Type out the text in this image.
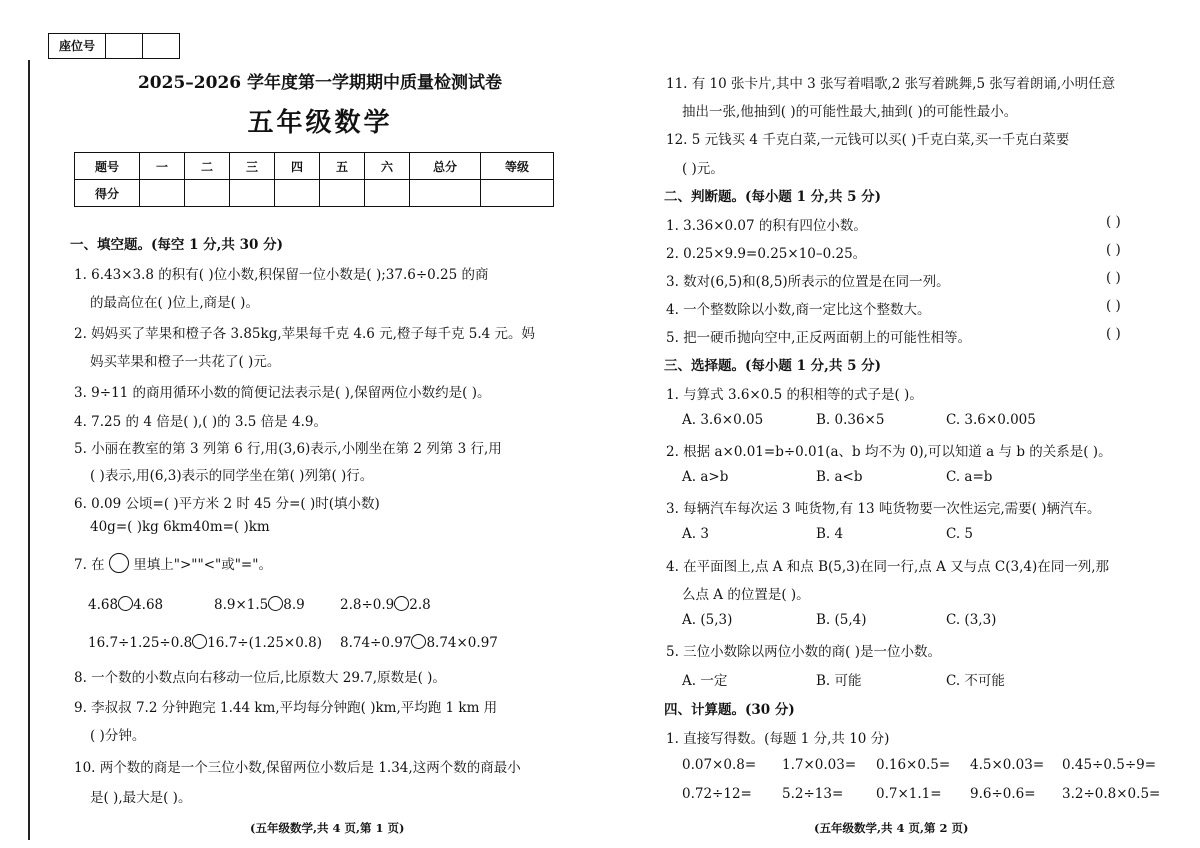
座位号
2025–2026 学年度第一学期期中质量检测试卷
五年级数学
题号	一	二	三	四	五	六	总分	等级
得分								
一、填空题。(每空 1 分,共 30 分)
1. 6.43×3.8 的积有( )位小数,积保留一位小数是( );37.6÷0.25 的商
的最高位在( )位上,商是( )。
2. 妈妈买了苹果和橙子各 3.85kg,苹果每千克 4.6 元,橙子每千克 5.4 元。妈
妈买苹果和橙子一共花了( )元。
3. 9÷11 的商用循环小数的简便记法表示是( ),保留两位小数约是( )。
4. 7.25 的 4 倍是( ),( )的 3.5 倍是 4.9。
5. 小丽在教室的第 3 列第 6 行,用(3,6)表示,小刚坐在第 2 列第 3 行,用
( )表示,用(6,3)表示的同学坐在第( )列第( )行。
6. 0.09 公顷=( )平方米 2 时 45 分=( )时(填小数)
40g=( )kg 6km40m=( )km
7. 在 里填上">""<"或"="。
4.6̇8̇ 4.68̇	8.9×1.5 8.9	2.8÷0.9 2.8
16.7÷1.25÷0.8 16.7÷(1.25×0.8) 8.74÷0.97 8.74×0.97
8. 一个数的小数点向右移动一位后,比原数大 29.7,原数是( )。
9. 李叔叔 7.2 分钟跑完 1.44 km,平均每分钟跑( )km,平均跑 1 km 用
( )分钟。
10. 两个数的商是一个三位小数,保留两位小数后是 1.34,这两个数的商最小
是( ),最大是( )。
(五年级数学,共 4 页,第 1 页)
11. 有 10 张卡片,其中 3 张写着唱歌,2 张写着跳舞,5 张写着朗诵,小明任意
抽出一张,他抽到( )的可能性最大,抽到( )的可能性最小。
12. 5 元钱买 4 千克白菜,一元钱可以买( )千克白菜,买一千克白菜要
( )元。
二、判断题。(每小题 1 分,共 5 分)
1. 3.36×0.07 的积有四位小数。	( )
2. 0.25×9.9=0.25×10–0.25。	( )
3. 数对(6,5)和(8,5)所表示的位置是在同一列。	( )
4. 一个整数除以小数,商一定比这个整数大。	( )
5. 把一硬币抛向空中,正反两面朝上的可能性相等。	( )
三、选择题。(每小题 1 分,共 5 分)
1. 与算式 3.6×0.5 的积相等的式子是( )。
A. 3.6×0.05	B. 0.36×5	C. 3.6×0.005
2. 根据 a×0.01=b÷0.01(a、b 均不为 0),可以知道 a 与 b 的关系是( )。
A. a>b	B. a<b	C. a=b
3. 每辆汽车每次运 3 吨货物,有 13 吨货物要一次性运完,需要( )辆汽车。
A. 3	B. 4	C. 5
4. 在平面图上,点 A 和点 B(5,3)在同一行,点 A 又与点 C(3,4)在同一列,那
么点 A 的位置是( )。
A. (5,3)	B. (5,4)	C. (3,3)
5. 三位小数除以两位小数的商( )是一位小数。
A. 一定	B. 可能	C. 不可能
四、计算题。(30 分)
1. 直接写得数。(每题 1 分,共 10 分)
0.07×0.8= 1.7×0.03= 0.16×0.5= 4.5×0.03= 0.45÷0.5÷9=
0.72÷12= 5.2÷13= 0.7×1.1= 9.6÷0.6= 3.2÷0.8×0.5=
(五年级数学,共 4 页,第 2 页)
